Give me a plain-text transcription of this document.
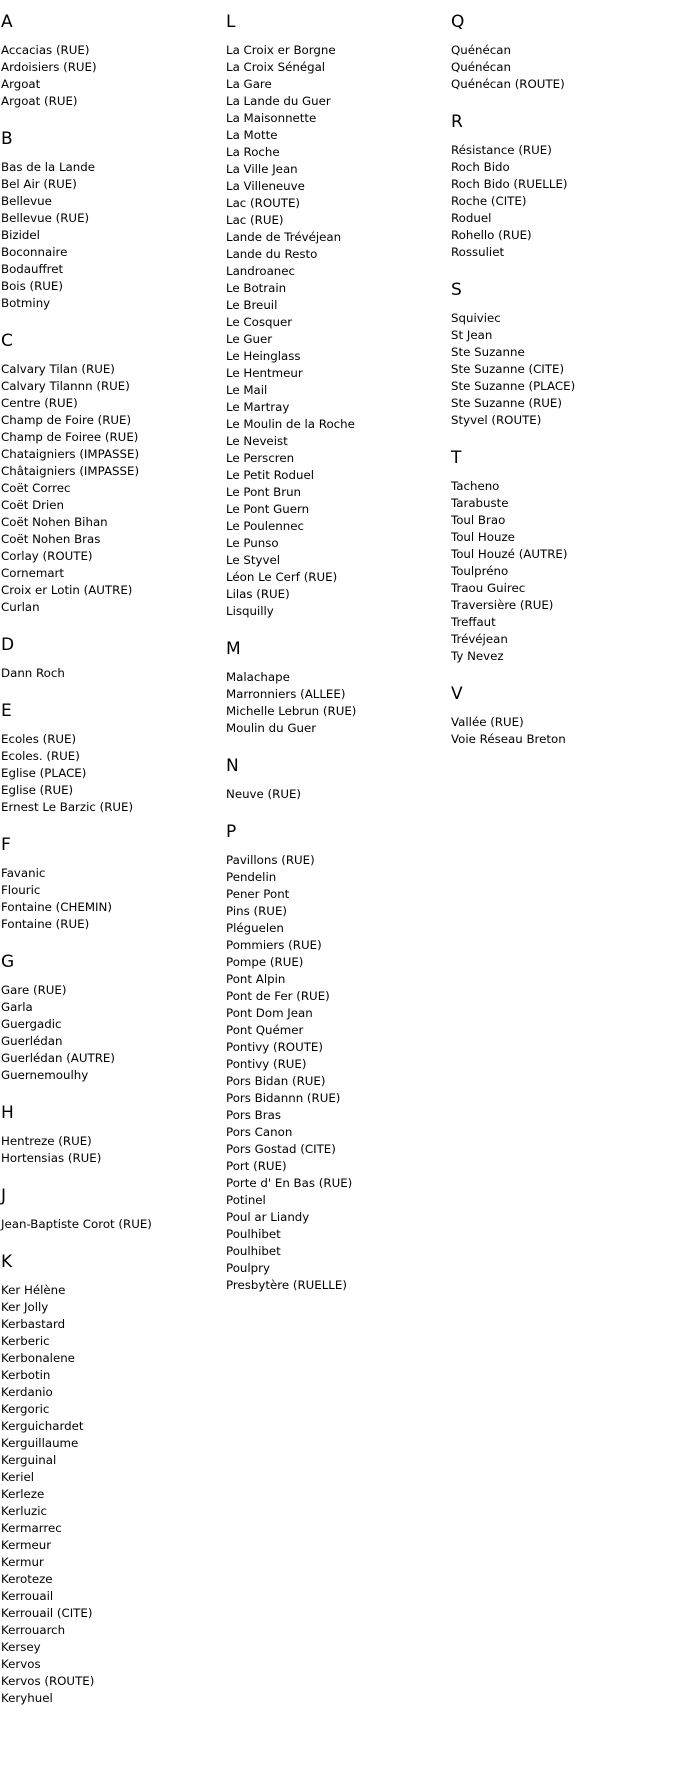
A
Accacias (RUE)
Ardoisiers (RUE)
Argoat
Argoat (RUE)
B
Bas de la Lande
Bel Air (RUE)
Bellevue
Bellevue (RUE)
Bizidel
Boconnaire
Bodauffret
Bois (RUE)
Botminy
C
Calvary Tilan (RUE)
Calvary Tilannn (RUE)
Centre (RUE)
Champ de Foire (RUE)
Champ de Foiree (RUE)
Chataigniers (IMPASSE)
Châtaigniers (IMPASSE)
Coët Correc
Coët Drien
Coët Nohen Bihan
Coët Nohen Bras
Corlay (ROUTE)
Cornemart
Croix er Lotin (AUTRE)
Curlan
D
Dann Roch
E
Ecoles (RUE)
Ecoles. (RUE)
Eglise (PLACE)
Eglise (RUE)
Ernest Le Barzic (RUE)
F
Favanic
Flouric
Fontaine (CHEMIN)
Fontaine (RUE)
G
Gare (RUE)
Garla
Guergadic
Guerlédan
Guerlédan (AUTRE)
Guernemoulhy
H
Hentreze (RUE)
Hortensias (RUE)
J
Jean-Baptiste Corot (RUE)
K
Ker Hélène
Ker Jolly
Kerbastard
Kerberic
Kerbonalene
Kerbotin
Kerdanio
Kergoric
Kerguichardet
Kerguillaume
Kerguinal
Keriel
Kerleze
Kerluzic
Kermarrec
Kermeur
Kermur
Keroteze
Kerrouail
Kerrouail (CITE)
Kerrouarch
Kersey
Kervos
Kervos (ROUTE)
Keryhuel
L
La Croix er Borgne
La Croix Sénégal
La Gare
La Lande du Guer
La Maisonnette
La Motte
La Roche
La Ville Jean
La Villeneuve
Lac (ROUTE)
Lac (RUE)
Lande de Trévéjean
Lande du Resto
Landroanec
Le Botrain
Le Breuil
Le Cosquer
Le Guer
Le Heinglass
Le Hentmeur
Le Mail
Le Martray
Le Moulin de la Roche
Le Neveist
Le Perscren
Le Petit Roduel
Le Pont Brun
Le Pont Guern
Le Poulennec
Le Punso
Le Styvel
Léon Le Cerf (RUE)
Lilas (RUE)
Lisquilly
M
Malachape
Marronniers (ALLEE)
Michelle Lebrun (RUE)
Moulin du Guer
N
Neuve (RUE)
P
Pavillons (RUE)
Pendelin
Pener Pont
Pins (RUE)
Pléguelen
Pommiers (RUE)
Pompe (RUE)
Pont Alpin
Pont de Fer (RUE)
Pont Dom Jean
Pont Quémer
Pontivy (ROUTE)
Pontivy (RUE)
Pors Bidan (RUE)
Pors Bidannn (RUE)
Pors Bras
Pors Canon
Pors Gostad (CITE)
Port (RUE)
Porte d' En Bas (RUE)
Potinel
Poul ar Liandy
Poulhibet
Poulhibet
Poulpry
Presbytère (RUELLE)
Q
Quénécan
Quénécan
Quénécan (ROUTE)
R
Résistance (RUE)
Roch Bido
Roch Bido (RUELLE)
Roche (CITE)
Roduel
Rohello (RUE)
Rossuliet
S
Squiviec
St Jean
Ste Suzanne
Ste Suzanne (CITE)
Ste Suzanne (PLACE)
Ste Suzanne (RUE)
Styvel (ROUTE)
T
Tacheno
Tarabuste
Toul Brao
Toul Houze
Toul Houzé (AUTRE)
Toulpréno
Traou Guirec
Traversière (RUE)
Treffaut
Trévéjean
Ty Nevez
V
Vallée (RUE)
Voie Réseau Breton
